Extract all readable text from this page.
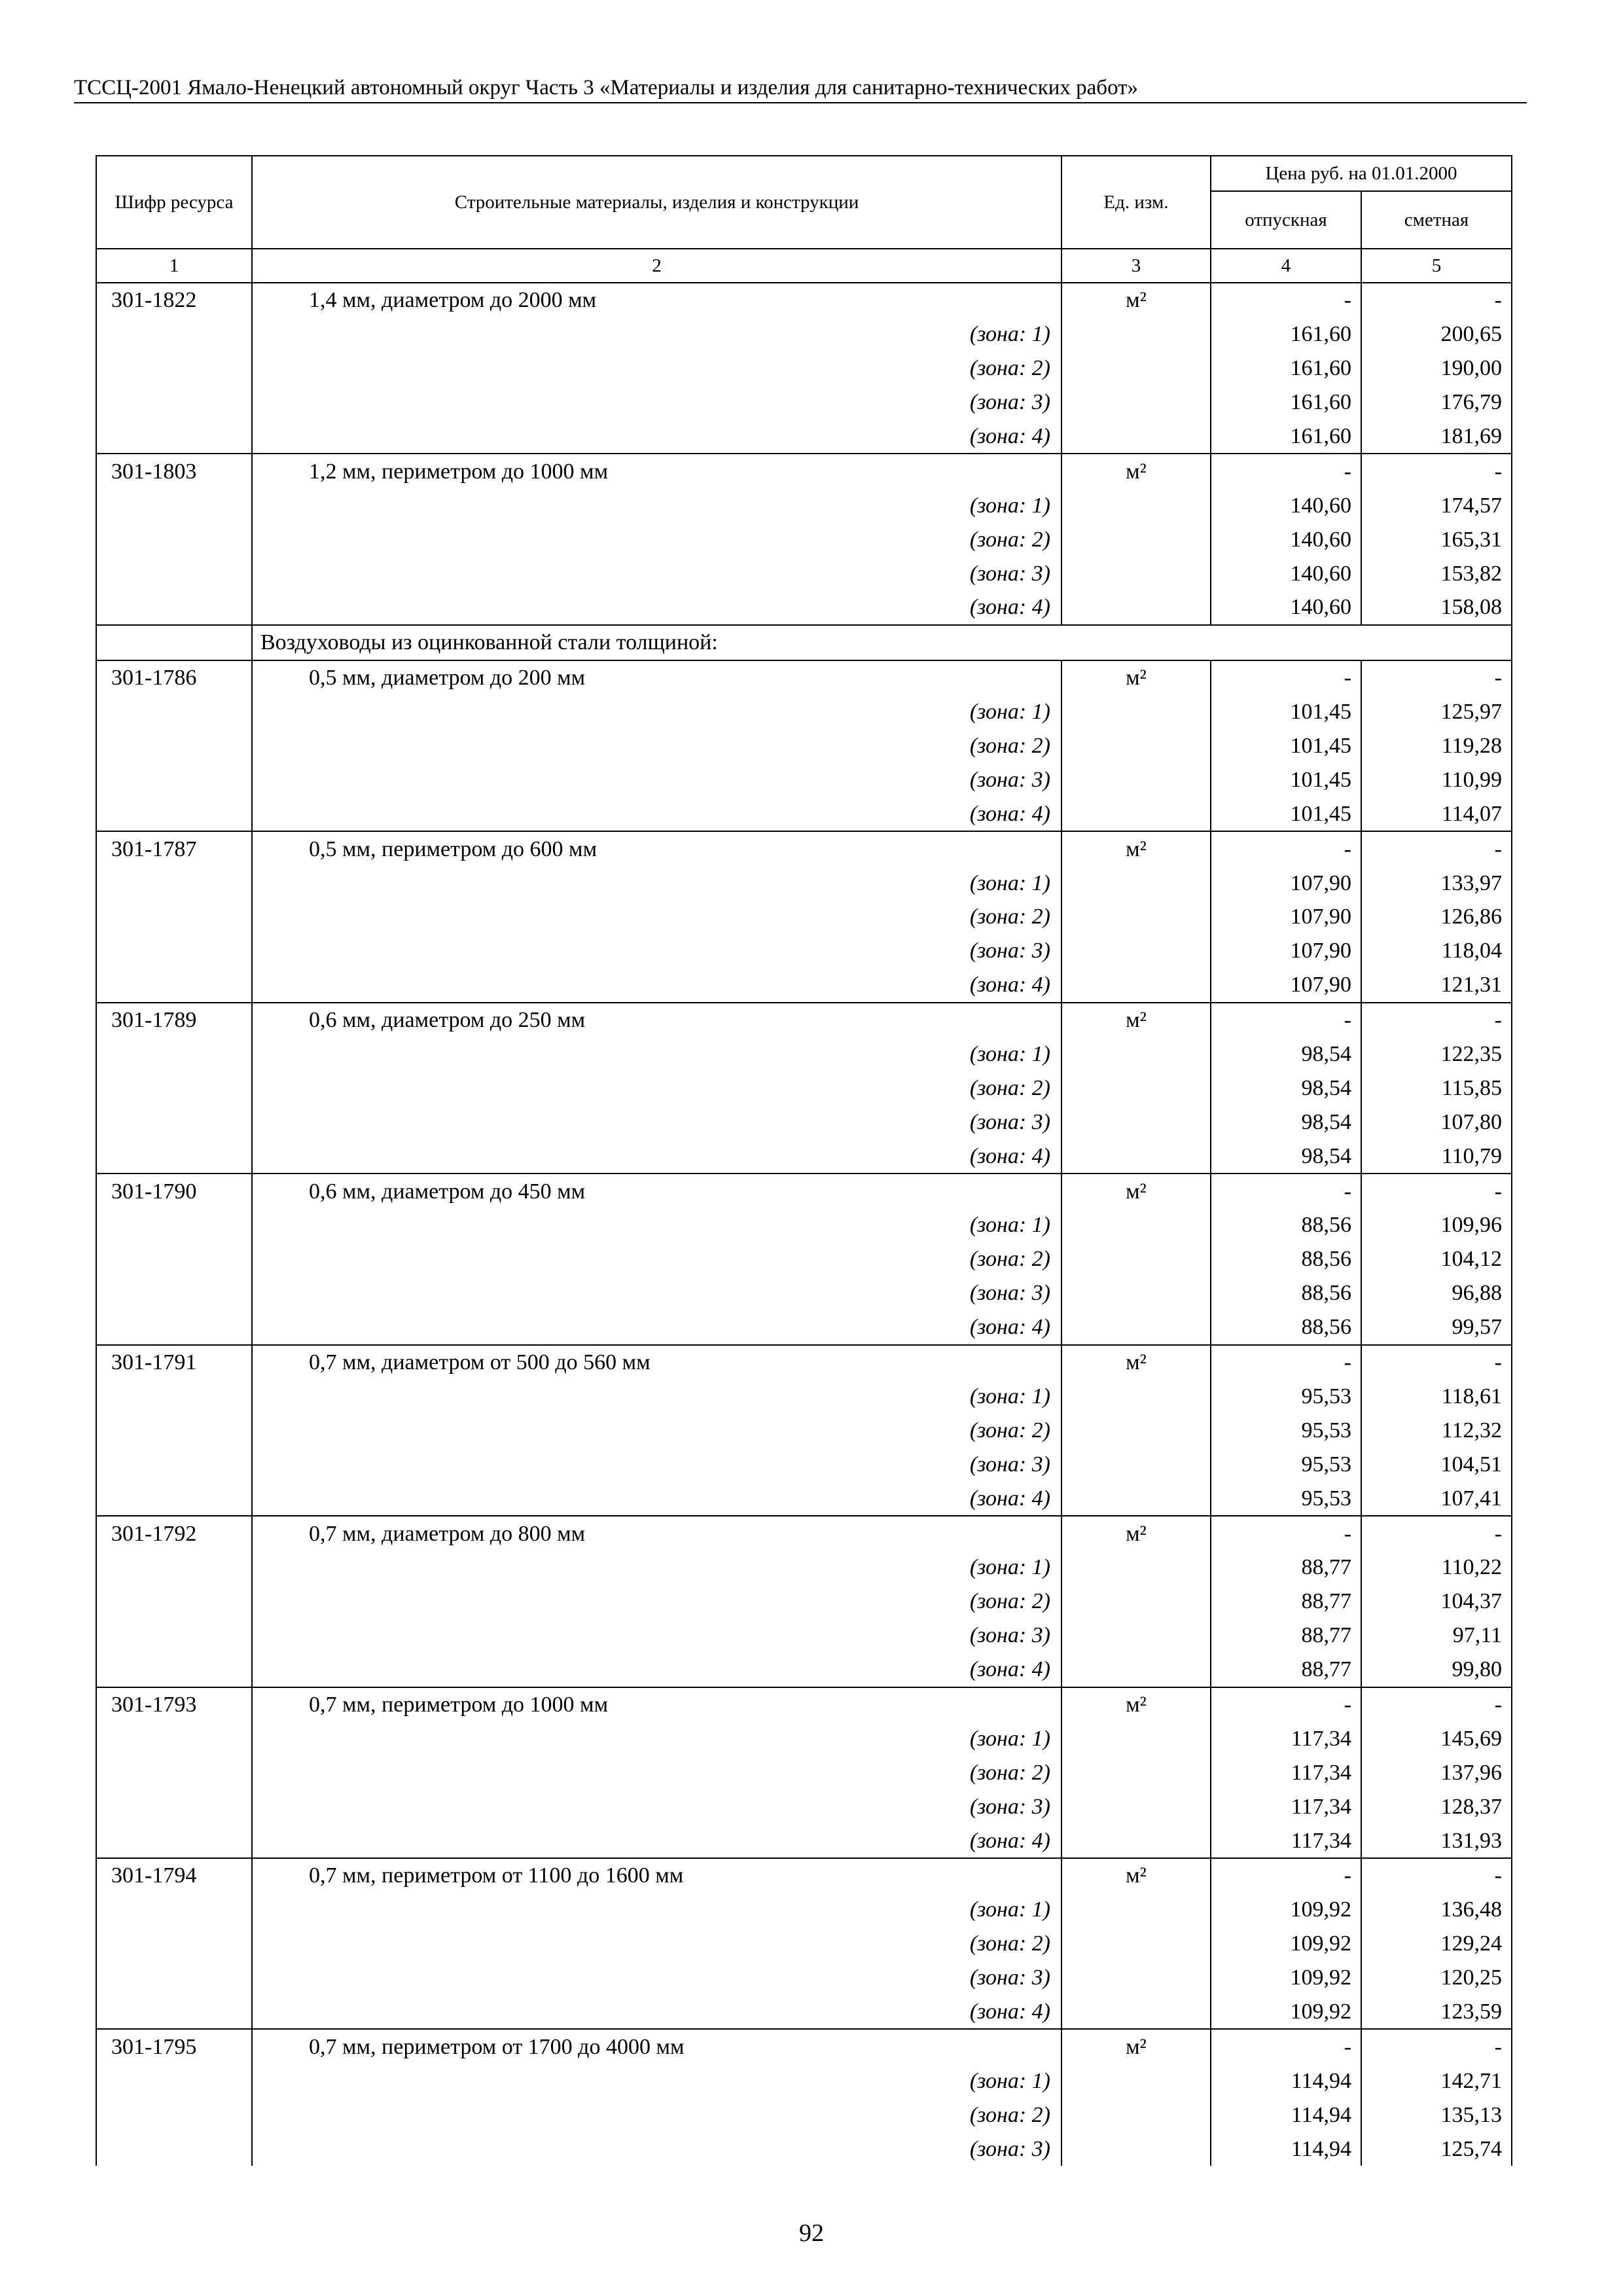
ТССЦ-2001 Ямало-Ненецкий автономный округ Часть 3 «Материалы и изделия для санитарно-технических работ»
Шифр ресурса	Строительные материалы, изделия и конструкции	Ед. изм.	Цена руб. на 01.01.2000	
			отпускная	сметная
1	2	3	4	5
301-1822	1,4 мм, диаметром до 2000 мм	м²	-	-
	(зона: 1)		161,60	200,65
	(зона: 2)		161,60	190,00
	(зона: 3)		161,60	176,79
	(зона: 4)		161,60	181,69
301-1803	1,2 мм, периметром до 1000 мм	м²	-	-
	(зона: 1)		140,60	174,57
	(зона: 2)		140,60	165,31
	(зона: 3)		140,60	153,82
	(зона: 4)		140,60	158,08
	Воздуховоды из оцинкованной стали толщиной:			
301-1786	0,5 мм, диаметром до 200 мм	м²	-	-
	(зона: 1)		101,45	125,97
	(зона: 2)		101,45	119,28
	(зона: 3)		101,45	110,99
	(зона: 4)		101,45	114,07
301-1787	0,5 мм, периметром до 600 мм	м²	-	-
	(зона: 1)		107,90	133,97
	(зона: 2)		107,90	126,86
	(зона: 3)		107,90	118,04
	(зона: 4)		107,90	121,31
301-1789	0,6 мм, диаметром до 250 мм	м²	-	-
	(зона: 1)		98,54	122,35
	(зона: 2)		98,54	115,85
	(зона: 3)		98,54	107,80
	(зона: 4)		98,54	110,79
301-1790	0,6 мм, диаметром до 450 мм	м²	-	-
	(зона: 1)		88,56	109,96
	(зона: 2)		88,56	104,12
	(зона: 3)		88,56	96,88
	(зона: 4)		88,56	99,57
301-1791	0,7 мм, диаметром от 500 до 560 мм	м²	-	-
	(зона: 1)		95,53	118,61
	(зона: 2)		95,53	112,32
	(зона: 3)		95,53	104,51
	(зона: 4)		95,53	107,41
301-1792	0,7 мм, диаметром до 800 мм	м²	-	-
	(зона: 1)		88,77	110,22
	(зона: 2)		88,77	104,37
	(зона: 3)		88,77	97,11
	(зона: 4)		88,77	99,80
301-1793	0,7 мм, периметром до 1000 мм	м²	-	-
	(зона: 1)		117,34	145,69
	(зона: 2)		117,34	137,96
	(зона: 3)		117,34	128,37
	(зона: 4)		117,34	131,93
301-1794	0,7 мм, периметром от 1100 до 1600 мм	м²	-	-
	(зона: 1)		109,92	136,48
	(зона: 2)		109,92	129,24
	(зона: 3)		109,92	120,25
	(зона: 4)		109,92	123,59
301-1795	0,7 мм, периметром от 1700 до 4000 мм	м²	-	-
	(зона: 1)		114,94	142,71
	(зона: 2)		114,94	135,13
	(зона: 3)		114,94	125,74
92
